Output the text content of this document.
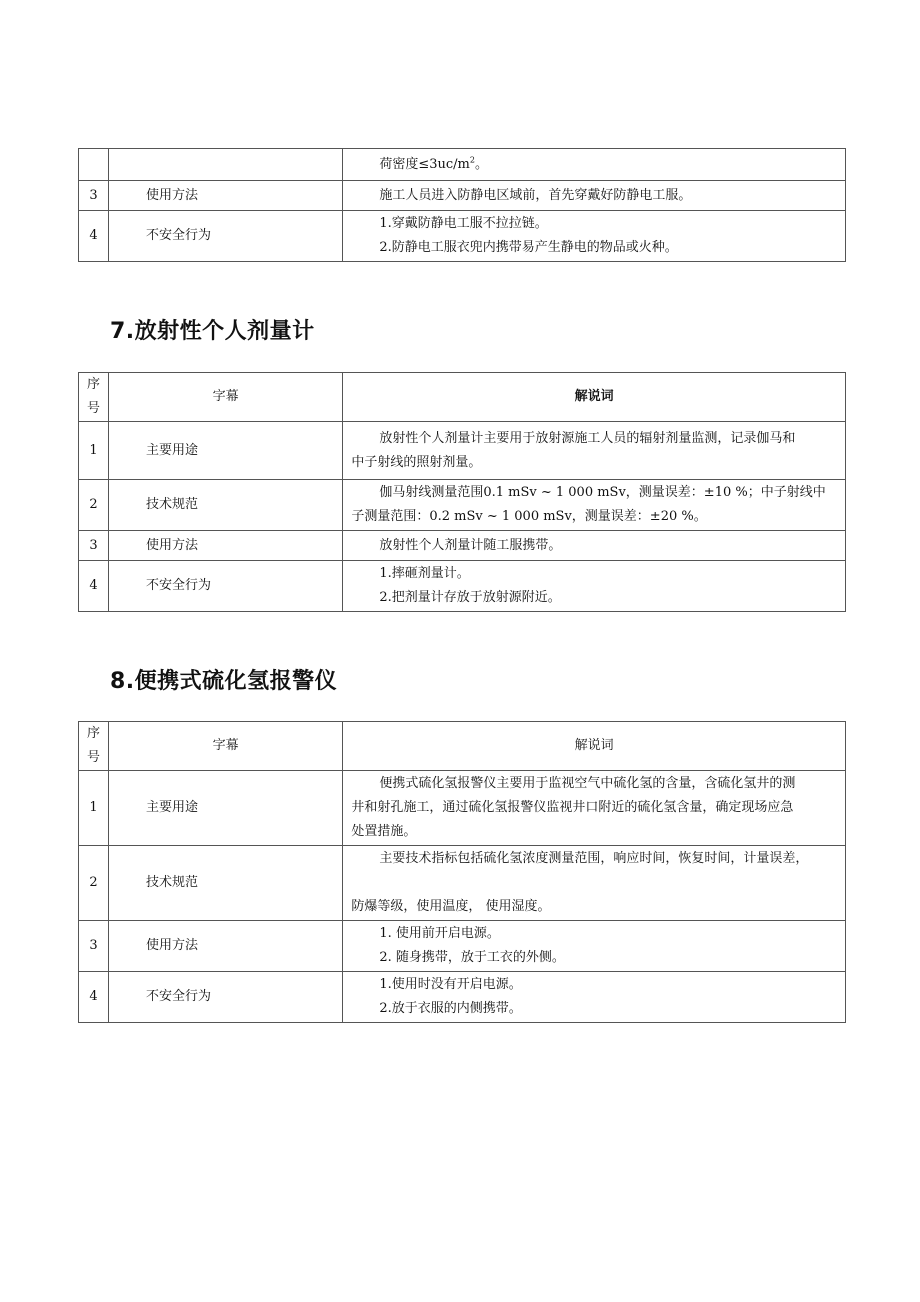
		荷密度$\le 3uc/m^2$。

3	使用方法	施工人员进入防静电区域前，首先穿戴好防静电工服。

4	不安全行为	1.穿戴防静电工服不拉拉链。

2.防静电工服衣兜内携带易产生静电的物品或火种。

7.放射性个人剂量计
序
号	字幕	解说词
1	主要用途	放射性个人剂量计主要用于放射源施工人员的辐射剂量监测，记录伽马和

中子射线的照射剂量。

2	技术规范	伽马射线测量范围0.1 mSv ~ 1 000 mSv，测量误差：±10 %；中子射线中

子测量范围：0.2 mSv ~ 1 000 mSv，测量误差：±20 %。

3	使用方法	放射性个人剂量计随工服携带。

4	不安全行为	1.摔砸剂量计。

2.把剂量计存放于放射源附近。

8.便携式硫化氢报警仪
序
号	字幕	解说词
1	主要用途	便携式硫化氢报警仪主要用于监视空气中硫化氢的含量，含硫化氢井的测

井和射孔施工，通过硫化氢报警仪监视井口附近的硫化氢含量，确定现场应急

处置措施。

2	技术规范	主要技术指标包括硫化氢浓度测量范围，响应时间，恢复时间，计量误差，

防爆等级，使用温度， 使用湿度。

3	使用方法	1. 使用前开启电源。

2. 随身携带，放于工衣的外侧。

4	不安全行为	1.使用时没有开启电源。

2.放于衣服的内侧携带。
